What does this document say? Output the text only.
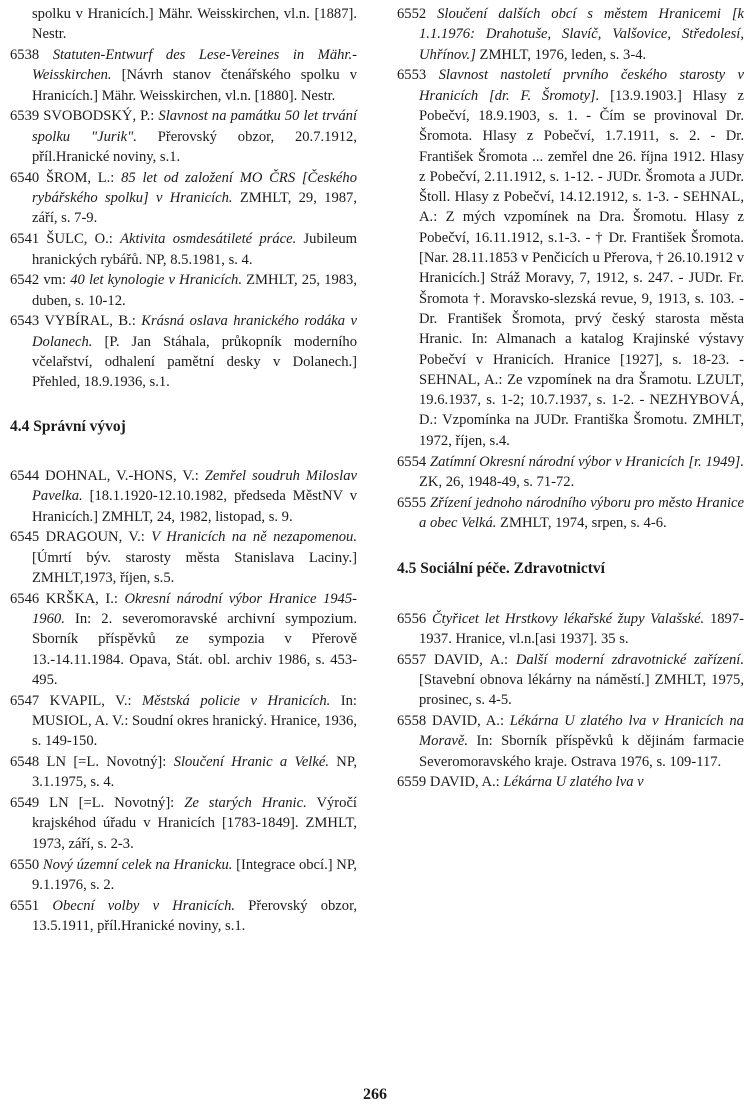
spolku v Hranicích.] Mähr. Weisskirchen, vl.n. [1887]. Nestr.
6538 Statuten-Entwurf des Lese-Vereines in Mähr.-Weisskirchen. [Návrh stanov čtenářského spolku v Hranicích.] Mähr. Weisskirchen, vl.n. [1880]. Nestr.
6539 SVOBODSKÝ, P.: Slavnost na památku 50 let trvání spolku "Jurik". Přerovský obzor, 20.7.1912, příl.Hranické noviny, s.1.
6540 ŠROM, L.: 85 let od založení MO ČRS [Českého rybářského spolku] v Hranicích. ZMHLT, 29, 1987, září, s. 7-9.
6541 ŠULC, O.: Aktivita osmdesátileté práce. Jubileum hranických rybářů. NP, 8.5.1981, s. 4.
6542 vm: 40 let kynologie v Hranicích. ZMHLT, 25, 1983, duben, s. 10-12.
6543 VYBÍRAL, B.: Krásná oslava hranického rodáka v Dolanech. [P. Jan Stáhala, průkopník moderního včelařství, odhalení pamětní desky v Dolanech.] Přehled, 18.9.1936, s.1.
4.4 Správní vývoj
6544 DOHNAL, V.-HONS, V.: Zemřel soudruh Miloslav Pavelka. [18.1.1920-12.10.1982, předseda MěstNV v Hranicích.] ZMHLT, 24, 1982, listopad, s. 9.
6545 DRAGOUN, V.: V Hranicích na ně nezapomenou. [Úmrtí býv. starosty města Stanislava Laciny.] ZMHLT,1973, říjen, s.5.
6546 KRŠKA, I.: Okresní národní výbor Hranice 1945-1960. In: 2. severomoravské archivní sympozium. Sborník příspěvků ze sympozia v Přerově 13.-14.11.1984. Opava, Stát. obl. archiv 1986, s. 453-495.
6547 KVAPIL, V.: Městská policie v Hranicích. In: MUSIOL, A. V.: Soudní okres hranický. Hranice, 1936, s. 149-150.
6548 LN [=L. Novotný]: Sloučení Hranic a Velké. NP, 3.1.1975, s. 4.
6549 LN [=L. Novotný]: Ze starých Hranic. Výročí krajskéhod úřadu v Hranicích [1783-1849]. ZMHLT, 1973, září, s. 2-3.
6550 Nový územní celek na Hranicku. [Integrace obcí.] NP, 9.1.1976, s. 2.
6551 Obecní volby v Hranicích. Přerovský obzor, 13.5.1911, příl.Hranické noviny, s.1.
6552 Sloučení dalších obcí s městem Hranicemi [k 1.1.1976: Drahotuše, Slavíč, Valšovice, Středolesí, Uhřínov.] ZMHLT, 1976, leden, s. 3-4.
6553 Slavnost nastoletí prvního českého starosty v Hranicích [dr. F. Šromoty]. [13.9.1903.] Hlasy z Pobečví, 18.9.1903, s. 1. - Čím se provinoval Dr. Šromota. Hlasy z Pobečví, 1.7.1911, s. 2. - Dr. František Šromota ... zemřel dne 26. října 1912. Hlasy z Pobečví, 2.11.1912, s. 1-12. - JUDr. Šromota a JUDr. Štoll. Hlasy z Pobečví, 14.12.1912, s. 1-3. - SEHNAL, A.: Z mých vzpomínek na Dra. Šromotu. Hlasy z Pobečví, 16.11.1912, s.1-3. - † Dr. František Šromota. [Nar. 28.11.1853 v Penčicích u Přerova, † 26.10.1912 v Hranicích.] Stráž Moravy, 7, 1912, s. 247. - JUDr. Fr. Šromota †. Moravsko-slezská revue, 9, 1913, s. 103. - Dr. František Šromota, prvý český starosta města Hranic. In: Almanach a katalog Krajinské výstavy Pobečví v Hranicích. Hranice [1927], s. 18-23. - SEHNAL, A.: Ze vzpomínek na dra Šramotu. LZULT, 19.6.1937, s. 1-2; 10.7.1937, s. 1-2. - NEZHYBOVÁ, D.: Vzpomínka na JUDr. Františka Šromotu. ZMHLT, 1972, říjen, s.4.
6554 Zatímní Okresní národní výbor v Hranicích [r. 1949]. ZK, 26, 1948-49, s. 71-72.
6555 Zřízení jednoho národního výboru pro město Hranice a obec Velká. ZMHLT, 1974, srpen, s. 4-6.
4.5 Sociální péče. Zdravotnictví
6556 Čtyřicet let Hrstkovy lékařské župy Valašské. 1897-1937. Hranice, vl.n.[asi 1937]. 35 s.
6557 DAVID, A.: Další moderní zdravotnické zařízení. [Stavební obnova lékárny na náměstí.] ZMHLT, 1975, prosinec, s. 4-5.
6558 DAVID, A.: Lékárna U zlatého lva v Hranicích na Moravě. In: Sborník příspěvků k dějinám farmacie Severomoravského kraje. Ostrava 1976, s. 109-117.
6559 DAVID, A.: Lékárna U zlatého lva v
266
